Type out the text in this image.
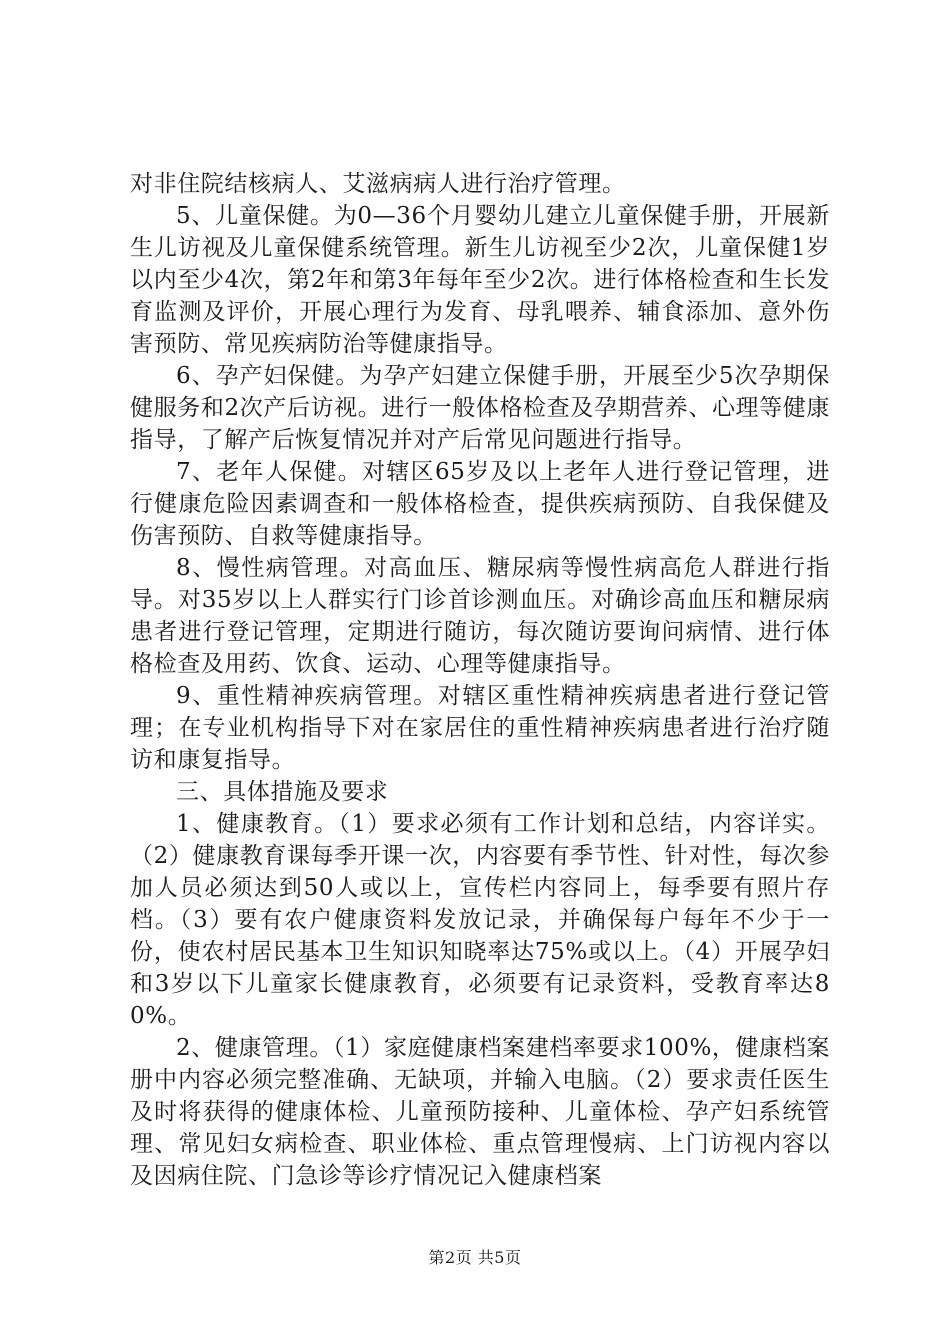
对非住院结核病人、艾滋病病人进行治疗管理。

5、儿童保健。为0—36个月婴幼儿建立儿童保健手册，开展新生儿访视及儿童保健系统管理。新生儿访视至少2次，儿童保健1岁以内至少4次，第2年和第3年每年至少2次。进行体格检查和生长发育监测及评价，开展心理行为发育、母乳喂养、辅食添加、意外伤害预防、常见疾病防治等健康指导。

6、孕产妇保健。为孕产妇建立保健手册，开展至少5次孕期保健服务和2次产后访视。进行一般体格检查及孕期营养、心理等健康指导，了解产后恢复情况并对产后常见问题进行指导。

7、老年人保健。对辖区65岁及以上老年人进行登记管理，进行健康危险因素调查和一般体格检查，提供疾病预防、自我保健及伤害预防、自救等健康指导。

8、慢性病管理。对高血压、糖尿病等慢性病高危人群进行指导。对35岁以上人群实行门诊首诊测血压。对确诊高血压和糖尿病患者进行登记管理，定期进行随访，每次随访要询问病情、进行体格检查及用药、饮食、运动、心理等健康指导。

9、重性精神疾病管理。对辖区重性精神疾病患者进行登记管理；在专业机构指导下对在家居住的重性精神疾病患者进行治疗随访和康复指导。

三、具体措施及要求

1、健康教育。（1）要求必须有工作计划和总结，内容详实。（2）健康教育课每季开课一次，内容要有季节性、针对性，每次参加人员必须达到50人或以上，宣传栏内容同上，每季要有照片存档。（3）要有农户健康资料发放记录，并确保每户每年不少于一份，使农村居民基本卫生知识知晓率达75%或以上。（4）开展孕妇和3岁以下儿童家长健康教育，必须要有记录资料，受教育率达80%。

2、健康管理。（1）家庭健康档案建档率要求100%，健康档案册中内容必须完整准确、无缺项，并输入电脑。（2）要求责任医生及时将获得的健康体检、儿童预防接种、儿童体检、孕产妇系统管理、常见妇女病检查、职业体检、重点管理慢病、上门访视内容以及因病住院、门急诊等诊疗情况记入健康档案

第2页 共5页
